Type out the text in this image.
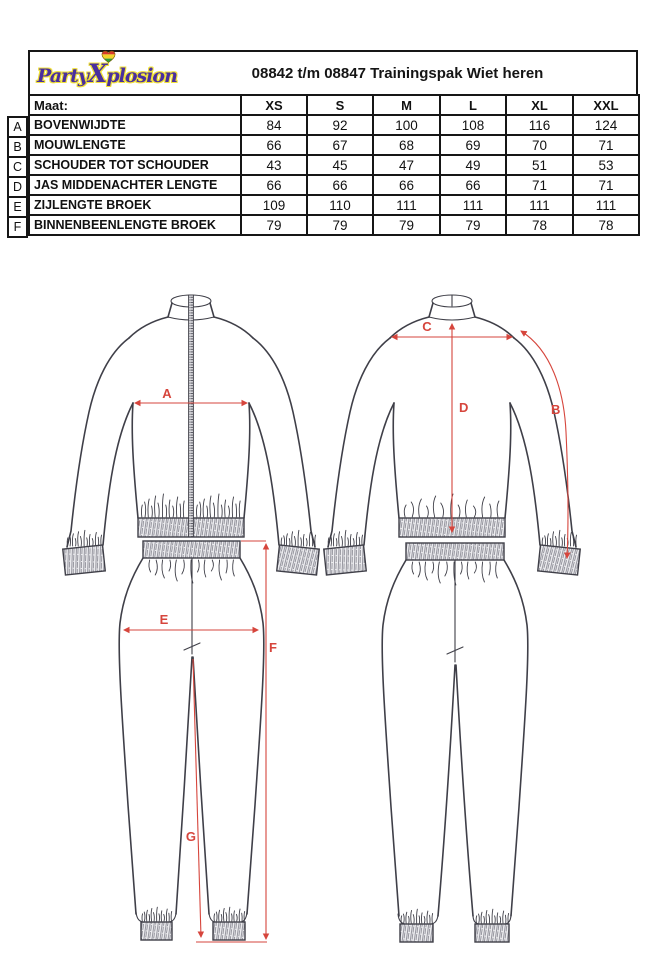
PartyXplosion	08842 t/m 08847 Trainingspak Wiet heren
A
B
C
D
E
F
Maat:	XS	S	M	L	XL	XXL
BOVENWIJDTE	84	92	100	108	116	124
MOUWLENGTE	66	67	68	69	70	71
SCHOUDER TOT SCHOUDER	43	45	47	49	51	53
JAS MIDDENACHTER LENGTE	66	66	66	66	71	71
ZIJLENGTE BROEK	109	110	111	111	111	111
BINNENBEENLENGTE BROEK	79	79	79	79	78	78
A
C
D	B
E
F
G
